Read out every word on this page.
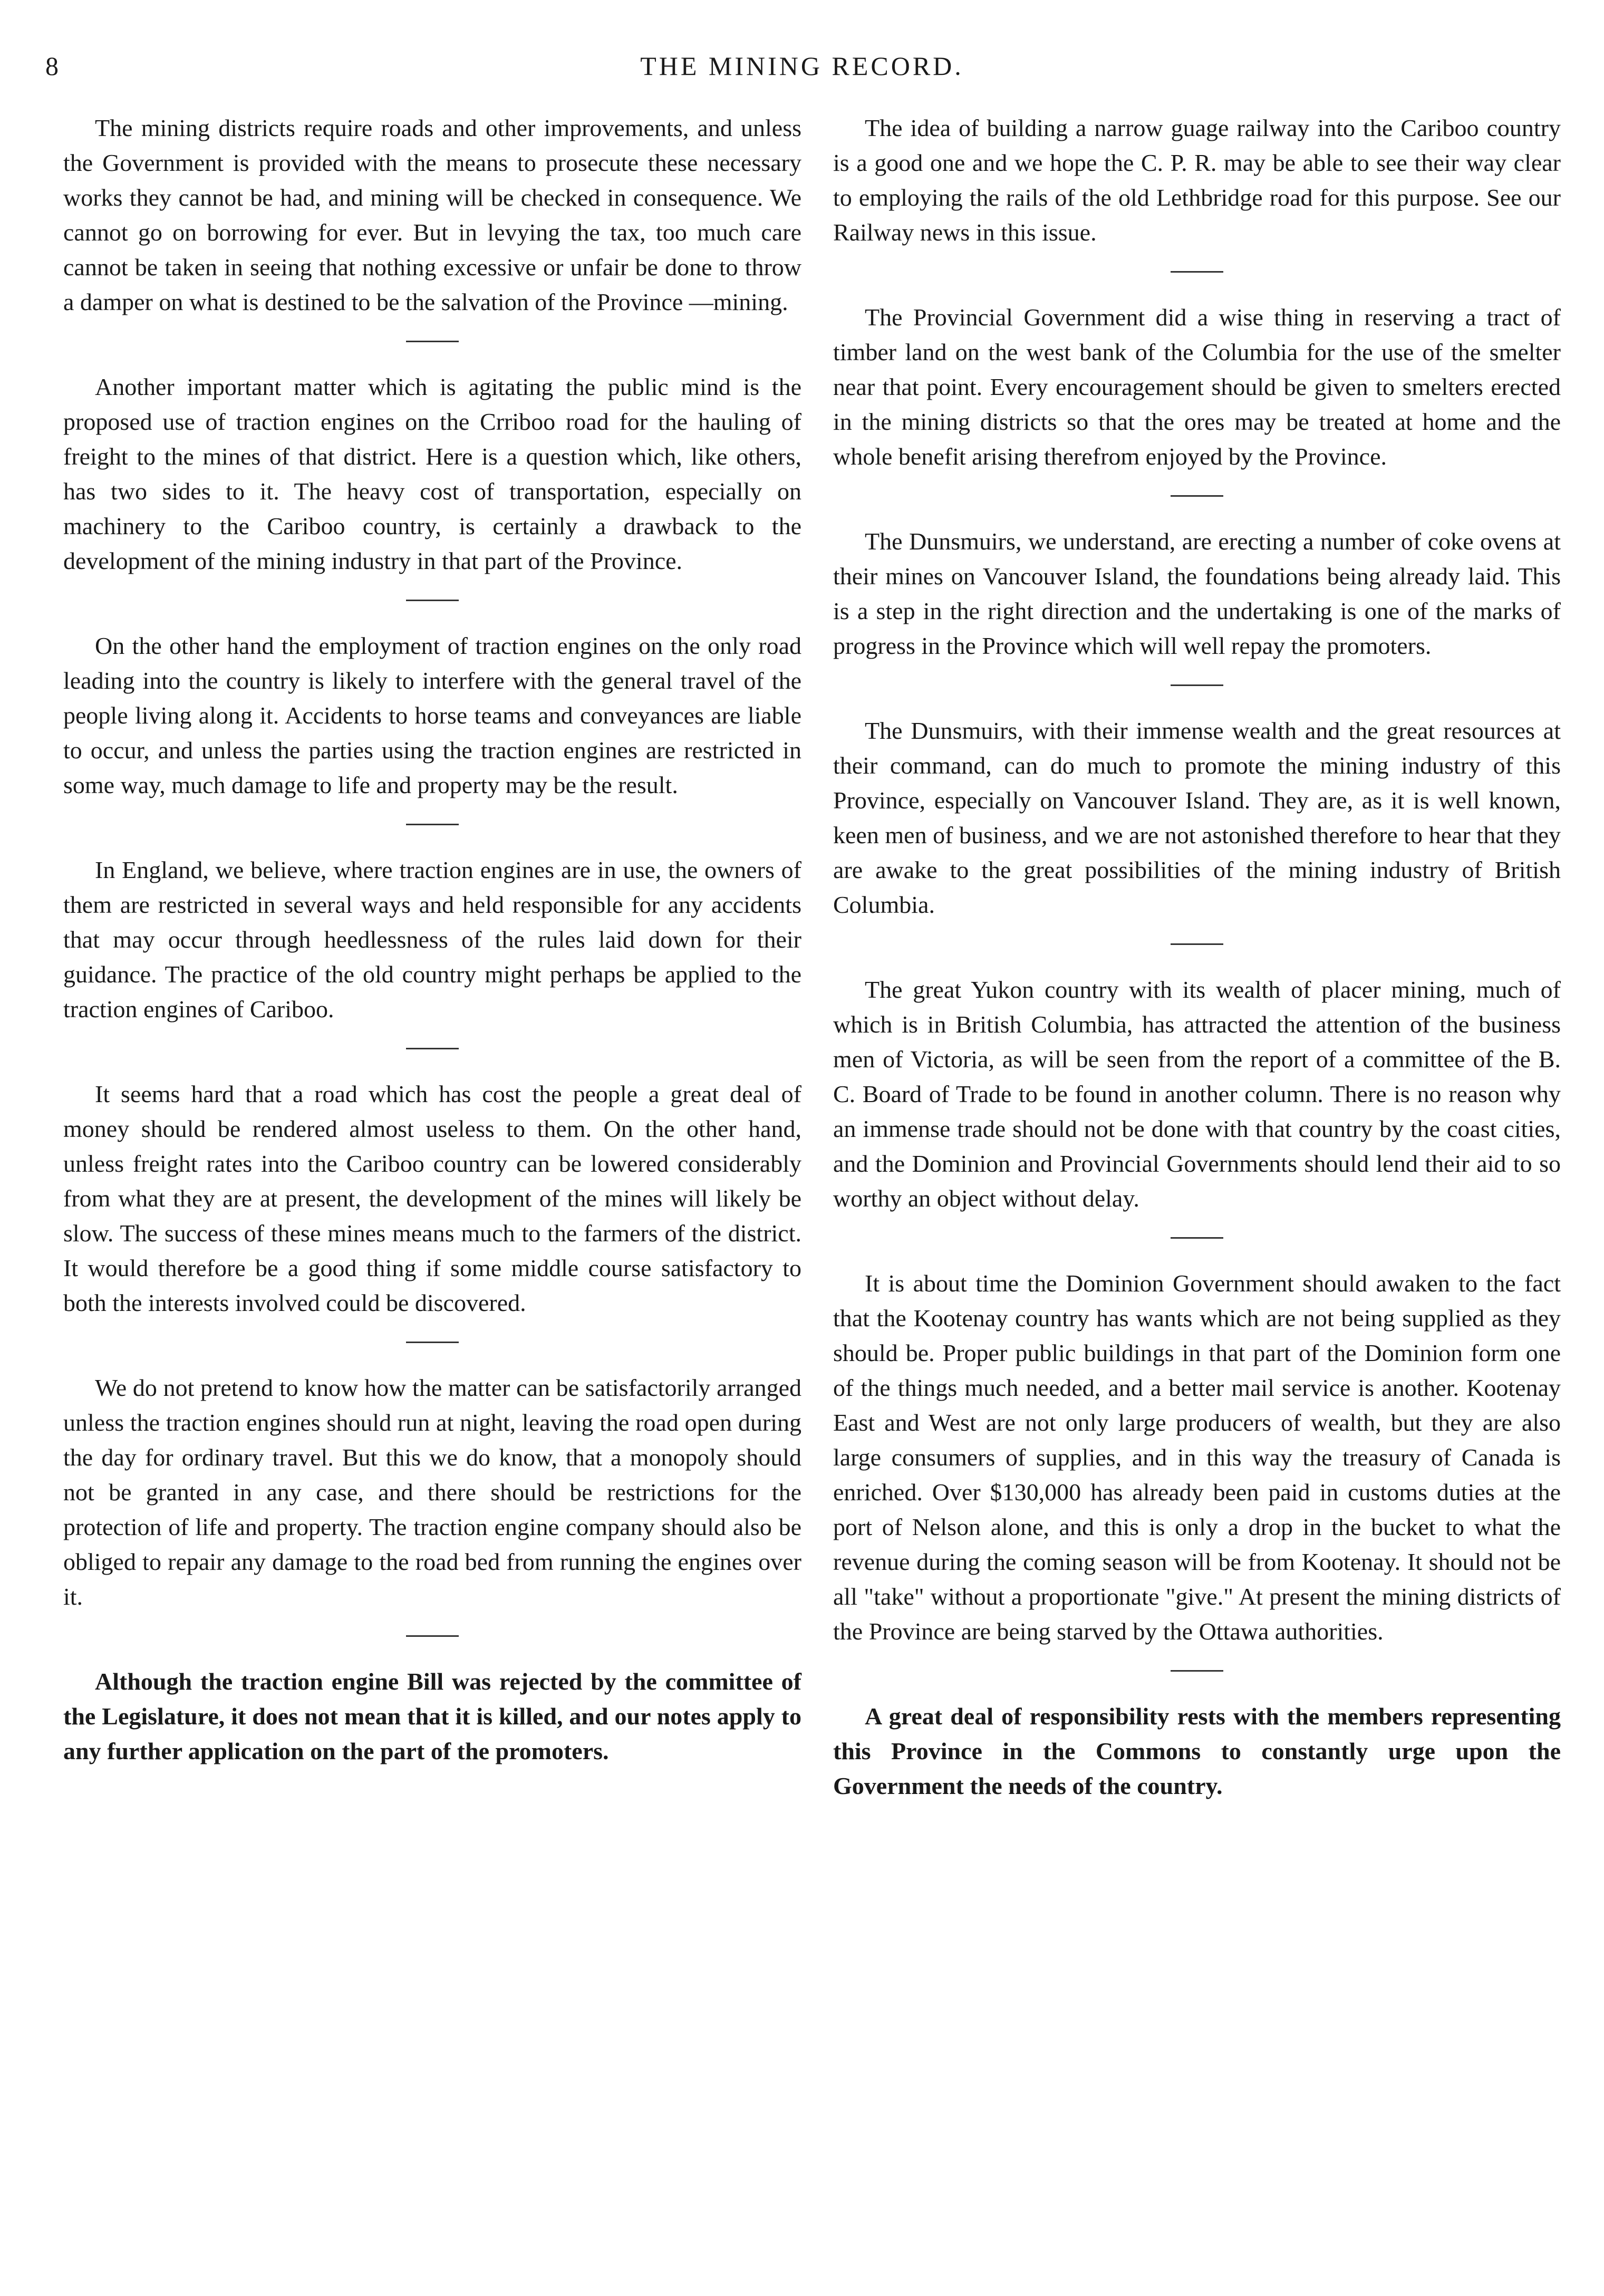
8	THE MINING RECORD.

The mining districts require roads and other improvements, and unless the Government is provided with the means to prosecute these necessary works they cannot be had, and mining will be checked in consequence. We cannot go on borrowing for ever. But in levying the tax, too much care cannot be taken in seeing that nothing excessive or unfair be done to throw a damper on what is destined to be the salvation of the Province —mining.

Another important matter which is agitating the public mind is the proposed use of traction engines on the Crriboo road for the hauling of freight to the mines of that district. Here is a question which, like others, has two sides to it. The heavy cost of transportation, especially on machinery to the Cariboo country, is certainly a drawback to the development of the mining industry in that part of the Province.

On the other hand the employment of traction engines on the only road leading into the country is likely to interfere with the general travel of the people living along it. Accidents to horse teams and conveyances are liable to occur, and unless the parties using the traction engines are restricted in some way, much damage to life and property may be the result.

In England, we believe, where traction engines are in use, the owners of them are restricted in several ways and held responsible for any accidents that may occur through heedlessness of the rules laid down for their guidance. The practice of the old country might perhaps be applied to the traction engines of Cariboo.

It seems hard that a road which has cost the people a great deal of money should be rendered almost useless to them. On the other hand, unless freight rates into the Cariboo country can be lowered considerably from what they are at present, the development of the mines will likely be slow. The success of these mines means much to the farmers of the district. It would therefore be a good thing if some middle course satisfactory to both the interests involved could be discovered.

We do not pretend to know how the matter can be satisfactorily arranged unless the traction engines should run at night, leaving the road open during the day for ordinary travel. But this we do know, that a monopoly should not be granted in any case, and there should be restrictions for the protection of life and property. The traction engine company should also be obliged to repair any damage to the road bed from running the engines over it.

Although the traction engine Bill was rejected by the committee of the Legislature, it does not mean that it is killed, and our notes apply to any further application on the part of the promoters.

The idea of building a narrow guage railway into the Cariboo country is a good one and we hope the C. P. R. may be able to see their way clear to employing the rails of the old Lethbridge road for this purpose. See our Railway news in this issue.

The Provincial Government did a wise thing in reserving a tract of timber land on the west bank of the Columbia for the use of the smelter near that point. Every encouragement should be given to smelters erected in the mining districts so that the ores may be treated at home and the whole benefit arising therefrom enjoyed by the Province.

The Dunsmuirs, we understand, are erecting a number of coke ovens at their mines on Vancouver Island, the foundations being already laid. This is a step in the right direction and the undertaking is one of the marks of progress in the Province which will well repay the promoters.

The Dunsmuirs, with their immense wealth and the great resources at their command, can do much to promote the mining industry of this Province, especially on Vancouver Island. They are, as it is well known, keen men of business, and we are not astonished therefore to hear that they are awake to the great possibilities of the mining industry of British Columbia.

The great Yukon country with its wealth of placer mining, much of which is in British Columbia, has attracted the attention of the business men of Victoria, as will be seen from the report of a committee of the B. C. Board of Trade to be found in another column. There is no reason why an immense trade should not be done with that country by the coast cities, and the Dominion and Provincial Governments should lend their aid to so worthy an object without delay.

It is about time the Dominion Government should awaken to the fact that the Kootenay country has wants which are not being supplied as they should be. Proper public buildings in that part of the Dominion form one of the things much needed, and a better mail service is another. Kootenay East and West are not only large producers of wealth, but they are also large consumers of supplies, and in this way the treasury of Canada is enriched. Over $130,000 has already been paid in customs duties at the port of Nelson alone, and this is only a drop in the bucket to what the revenue during the coming season will be from Kootenay. It should not be all "take" without a proportionate "give." At present the mining districts of the Province are being starved by the Ottawa authorities.

A great deal of responsibility rests with the members representing this Province in the Commons to constantly urge upon the Government the needs of the country.
